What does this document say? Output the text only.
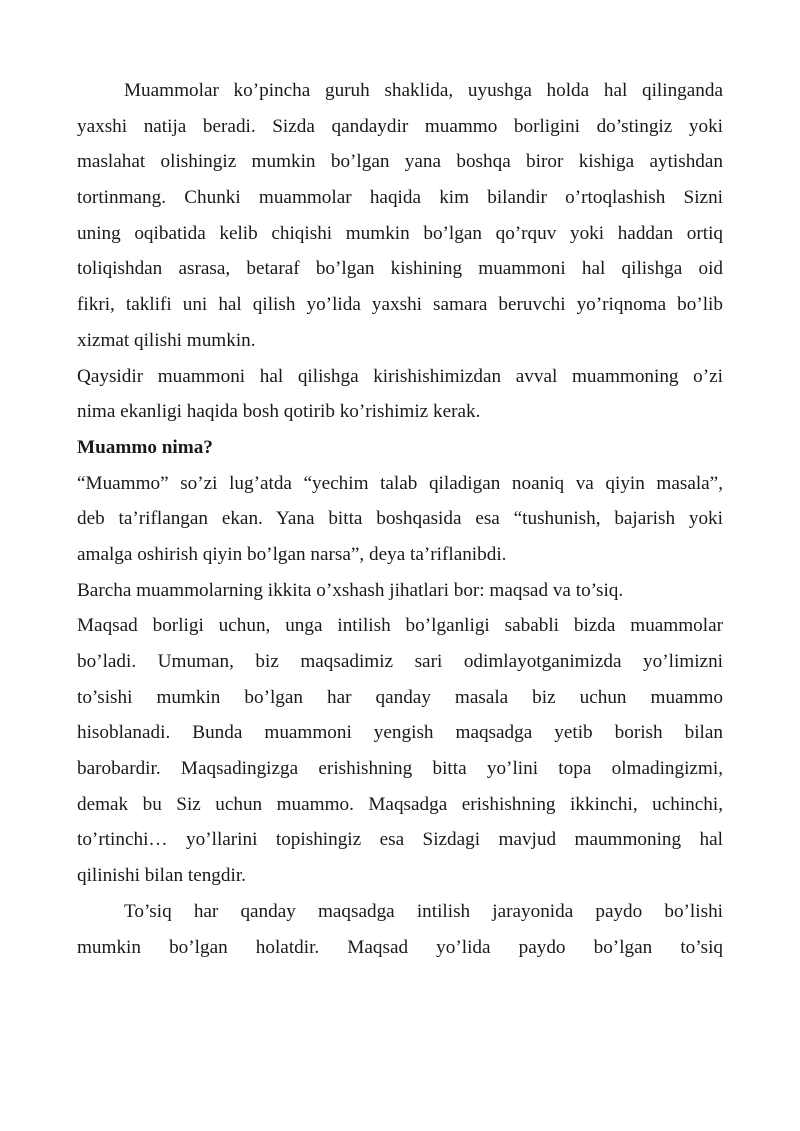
Muammolar ko’pincha guruh shaklida, uyushga holda hal qilinganda
yaxshi natija beradi. Sizda qandaydir muammo borligini do’stingiz yoki
maslahat olishingiz mumkin bo’lgan yana boshqa biror kishiga aytishdan
tortinmang. Chunki muammolar haqida kim bilandir o’rtoqlashish Sizni
uning oqibatida kelib chiqishi mumkin bo’lgan qo’rquv yoki haddan ortiq
toliqishdan asrasa, betaraf bo’lgan kishining muammoni hal qilishga oid
fikri, taklifi uni hal qilish yo’lida yaxshi samara beruvchi yo’riqnoma bo’lib
xizmat qilishi mumkin.
Qaysidir muammoni hal qilishga kirishishimizdan avval muammoning o’zi
nima ekanligi haqida bosh qotirib ko’rishimiz kerak.
Muammo nima?
“Muammo” so’zi lug’atda “yechim talab qiladigan noaniq va qiyin masala”,
deb ta’riflangan ekan. Yana bitta boshqasida esa “tushunish, bajarish yoki
amalga oshirish qiyin bo’lgan narsa”, deya ta’riflanibdi.
Barcha muammolarning ikkita o’xshash jihatlari bor: maqsad va to’siq.
Maqsad borligi uchun, unga intilish bo’lganligi sababli bizda muammolar
bo’ladi. Umuman, biz maqsadimiz sari odimlayotganimizda yo’limizni
to’sishi mumkin bo’lgan har qanday masala biz uchun muammo
hisoblanadi. Bunda muammoni yengish maqsadga yetib borish bilan
barobardir. Maqsadingizga erishishning bitta yo’lini topa olmadingizmi,
demak bu Siz uchun muammo. Maqsadga erishishning ikkinchi, uchinchi,
to’rtinchi… yo’llarini topishingiz esa Sizdagi mavjud maummoning hal
qilinishi bilan tengdir.
To’siq har qanday maqsadga intilish jarayonida paydo bo’lishi
mumkin bo’lgan holatdir. Maqsad yo’lida paydo bo’lgan to’siq
